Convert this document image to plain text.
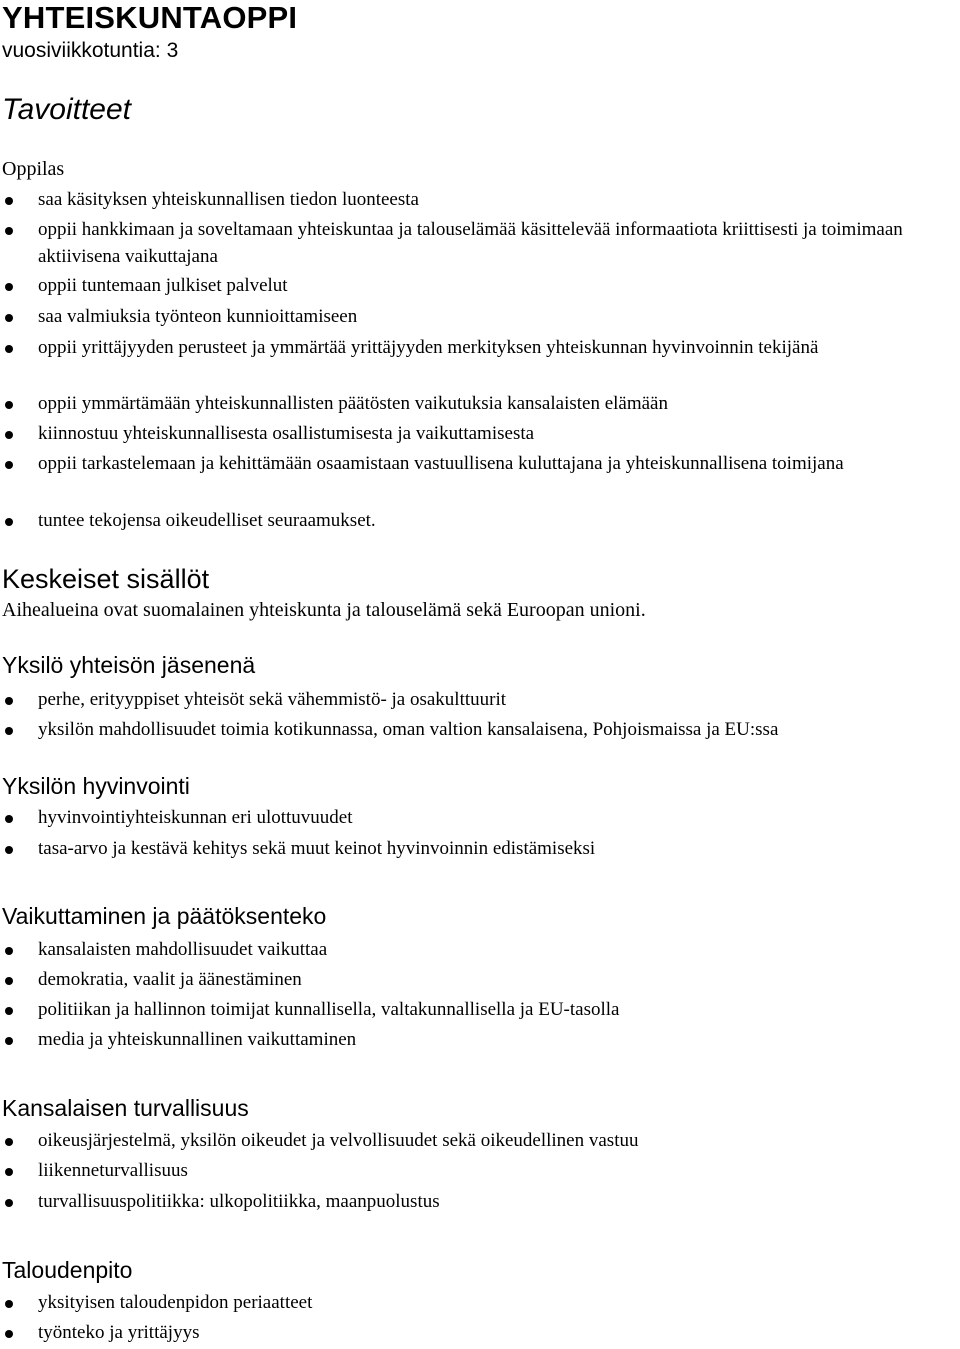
YHTEISKUNTAOPPI
vuosiviikkotuntia: 3
Tavoitteet
Oppilas
saa käsityksen yhteiskunnallisen tiedon luonteesta
oppii hankkimaan ja soveltamaan yhteiskuntaa ja talouselämää käsittelevää informaatiota kriittisesti ja toimimaan aktiivisena vaikuttajana
oppii tuntemaan julkiset palvelut
saa valmiuksia työnteon kunnioittamiseen
oppii yrittäjyyden perusteet ja ymmärtää yrittäjyyden merkityksen yhteiskunnan hyvinvoinnin tekijänä
oppii ymmärtämään yhteiskunnallisten päätösten vaikutuksia kansalaisten elämään
kiinnostuu yhteiskunnallisesta osallistumisesta ja vaikuttamisesta
oppii tarkastelemaan ja kehittämään osaamistaan vastuullisena kuluttajana ja yhteiskunnallisena toimijana
tuntee tekojensa oikeudelliset seuraamukset.
Keskeiset sisällöt
Aihealueina ovat suomalainen yhteiskunta ja talouselämä sekä Euroopan unioni.
Yksilö yhteisön jäsenenä
perhe, erityyppiset yhteisöt sekä vähemmistö- ja osakulttuurit
yksilön mahdollisuudet toimia kotikunnassa, oman valtion kansalaisena, Pohjoismaissa ja EU:ssa
Yksilön hyvinvointi
hyvinvointiyhteiskunnan eri ulottuvuudet
tasa-arvo ja kestävä kehitys sekä muut keinot hyvinvoinnin edistämiseksi
Vaikuttaminen ja päätöksenteko
kansalaisten mahdollisuudet vaikuttaa
demokratia, vaalit ja äänestäminen
politiikan ja hallinnon toimijat kunnallisella, valtakunnallisella ja EU-tasolla
media ja yhteiskunnallinen vaikuttaminen
Kansalaisen turvallisuus
oikeusjärjestelmä, yksilön oikeudet ja velvollisuudet sekä oikeudellinen vastuu
liikenneturvallisuus
turvallisuuspolitiikka: ulkopolitiikka, maanpuolustus
Taloudenpito
yksityisen taloudenpidon periaatteet
työnteko ja yrittäjyys
